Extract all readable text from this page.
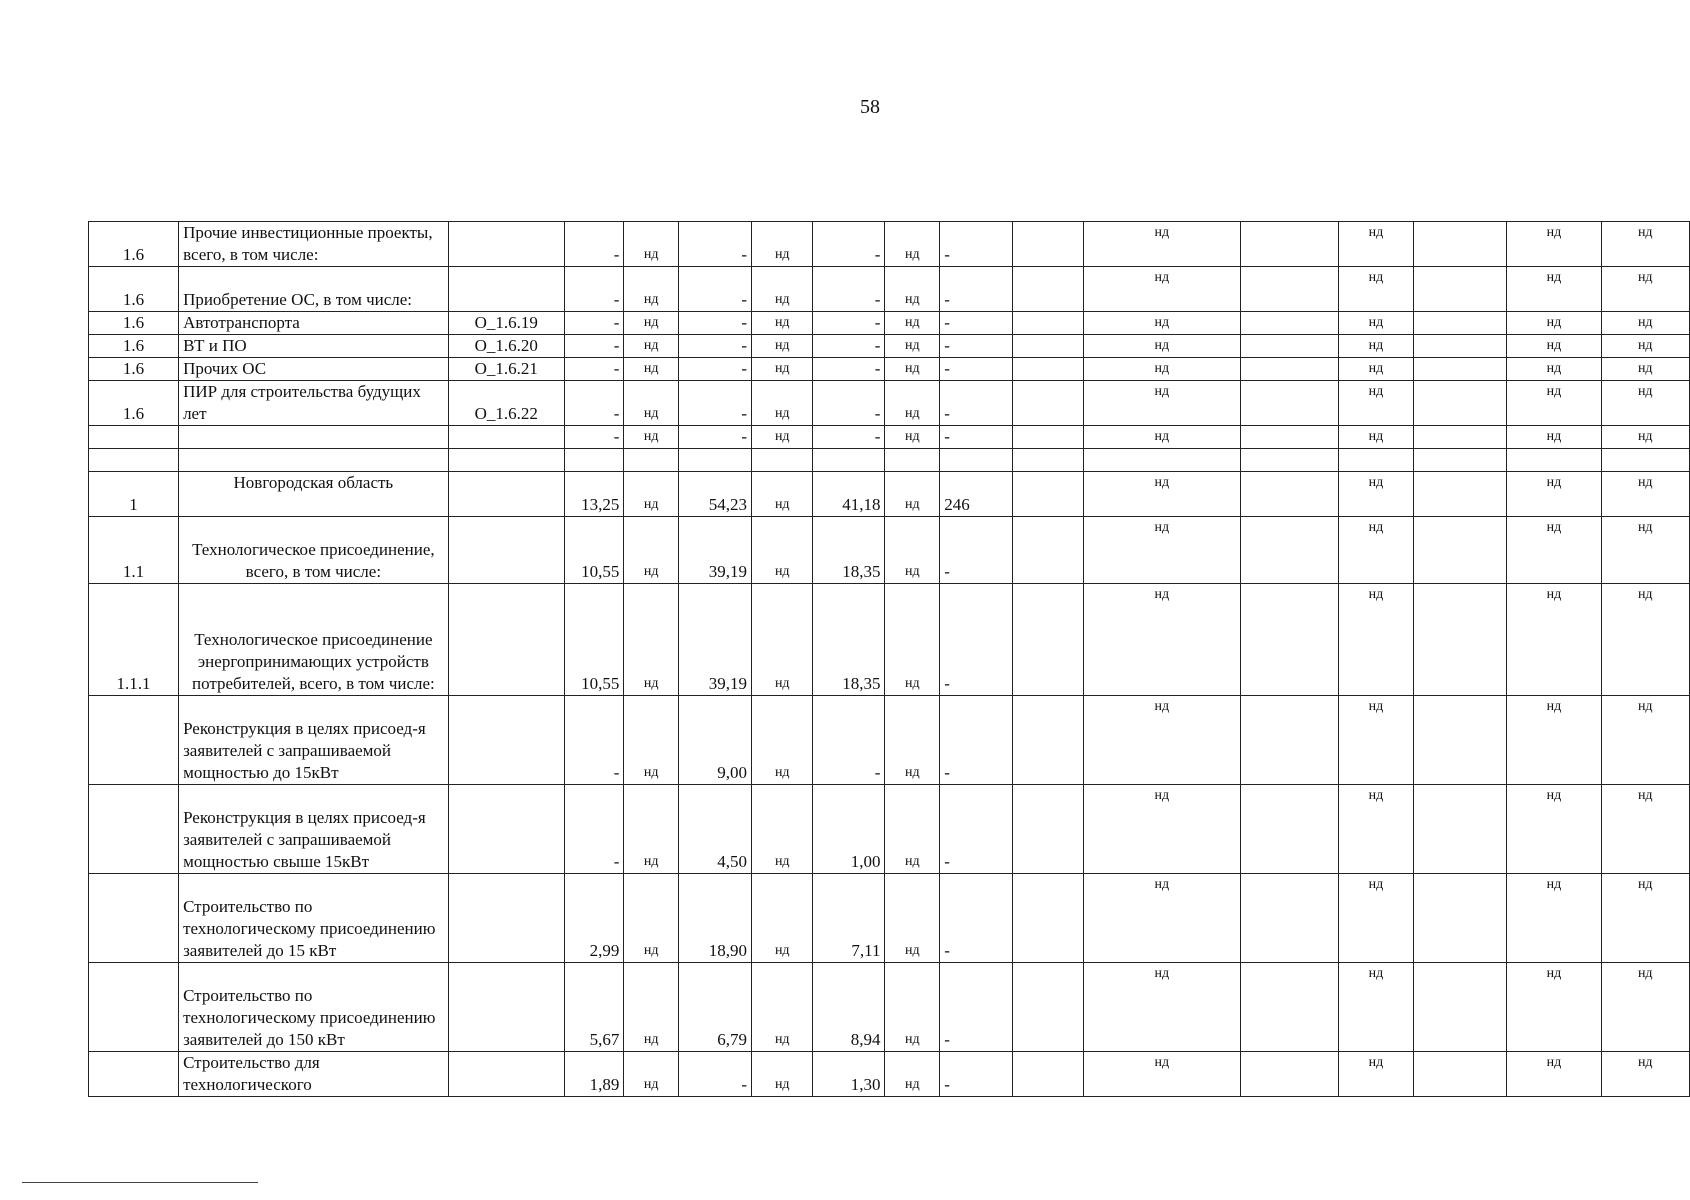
58
1.6	Прочие инвестиционные проекты, всего, в том числе:		-	нд	-	нд	-	нд	-		нд		нд		нд	нд
1.6	Приобретение ОС, в том числе:		-	нд	-	нд	-	нд	-		нд		нд		нд	нд
1.6	Автотранспорта	О_1.6.19	-	нд	-	нд	-	нд	-		нд		нд		нд	нд
1.6	ВТ и ПО	О_1.6.20	-	нд	-	нд	-	нд	-		нд		нд		нд	нд
1.6	Прочих ОС	О_1.6.21	-	нд	-	нд	-	нд	-		нд		нд		нд	нд
1.6	ПИР для строительства будущих лет	О_1.6.22	-	нд	-	нд	-	нд	-		нд		нд		нд	нд
			-	нд	-	нд	-	нд	-		нд		нд		нд	нд

1	Новгородская область		13,25	нд	54,23	нд	41,18	нд	246		нд		нд		нд	нд
1.1	Технологическое присоединение, всего, в том числе:		10,55	нд	39,19	нд	18,35	нд	-		нд		нд		нд	нд
1.1.1	Технологическое присоединение энергопринимающих устройств потребителей, всего, в том числе:		10,55	нд	39,19	нд	18,35	нд	-		нд		нд		нд	нд
	Реконструкция в целях присоед-я заявителей с запрашиваемой мощностью до 15кВт		-	нд	9,00	нд	-	нд	-		нд		нд		нд	нд
	Реконструкция в целях присоед-я заявителей с запрашиваемой мощностью свыше 15кВт		-	нд	4,50	нд	1,00	нд	-		нд		нд		нд	нд
	Строительство по технологическому присоединению заявителей до 15 кВт		2,99	нд	18,90	нд	7,11	нд	-		нд		нд		нд	нд
	Строительство по технологическому присоединению заявителей до 150 кВт		5,67	нд	6,79	нд	8,94	нд	-		нд		нд		нд	нд
	Строительство для технологического		1,89	нд	-	нд	1,30	нд	-		нд		нд		нд	нд
